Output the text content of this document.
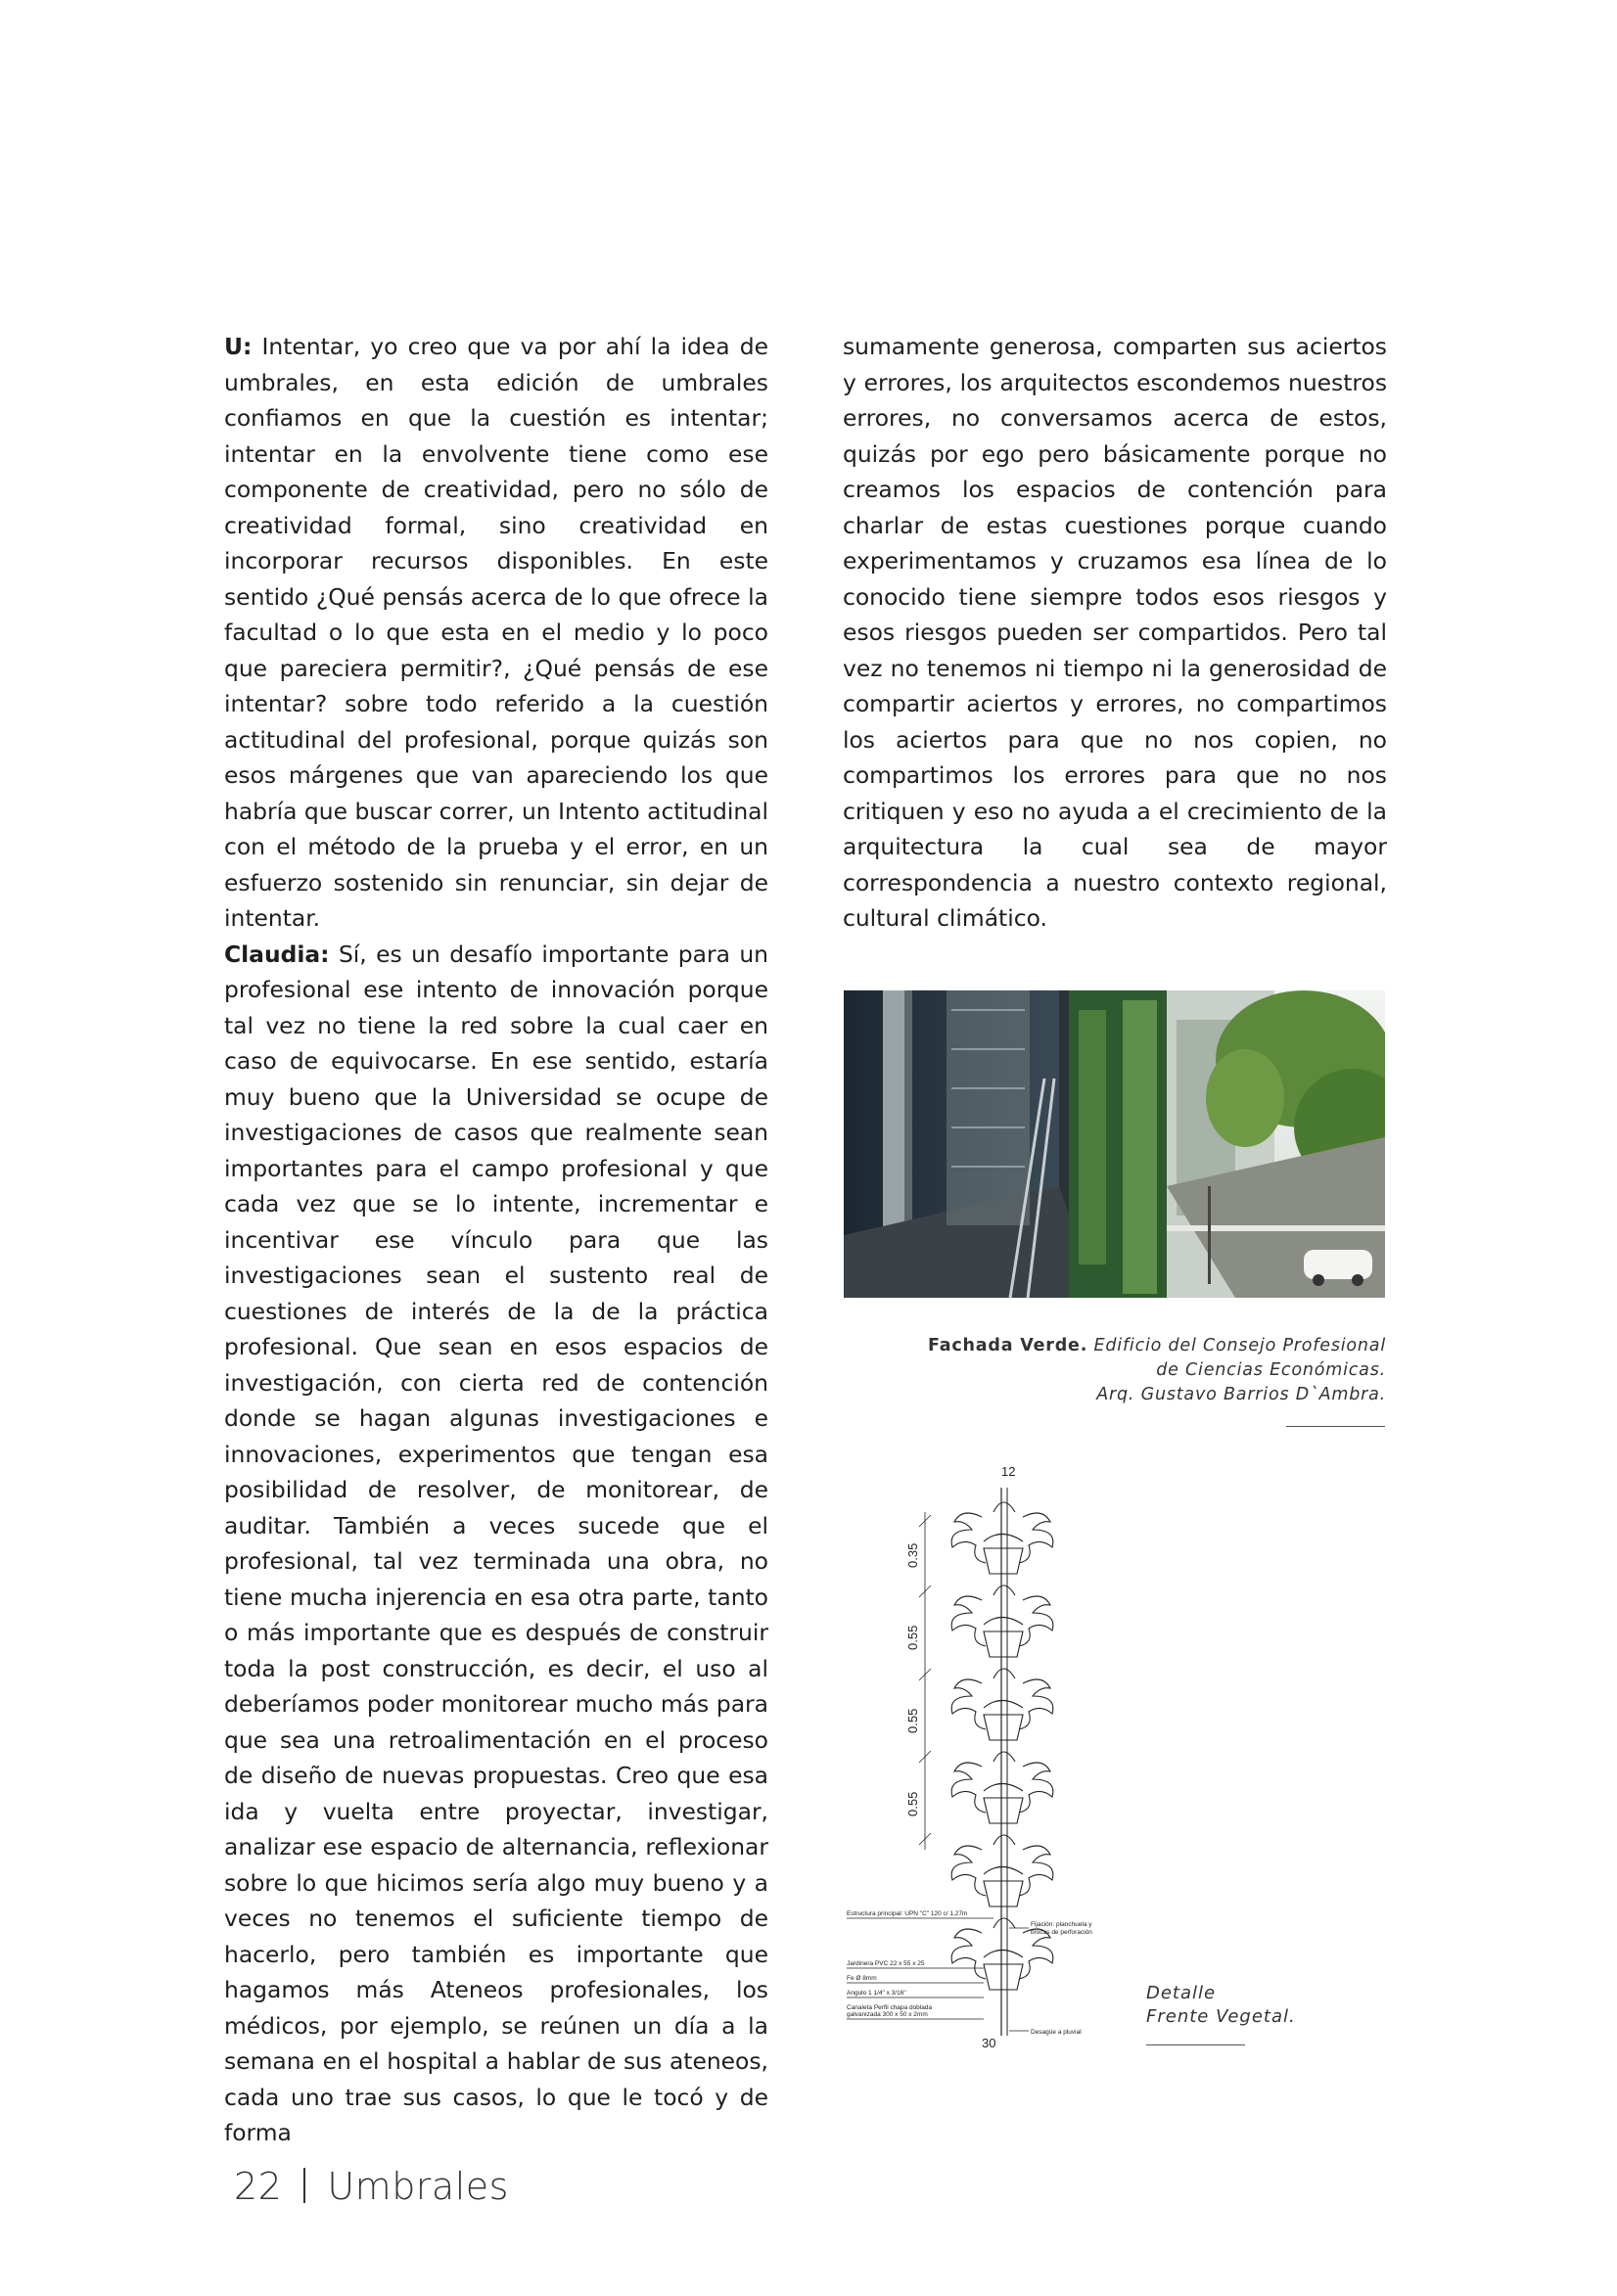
U: Intentar, yo creo que va por ahí la idea de umbrales, en esta edición de umbrales confiamos en que la cuestión es intentar; intentar en la envolvente tiene como ese componente de creatividad, pero no sólo de creatividad formal, sino creatividad en incorporar recursos disponibles. En este sentido ¿Qué pensás acerca de lo que ofrece la facultad o lo que esta en el medio y lo poco que pareciera permitir?, ¿Qué pensás de ese intentar? sobre todo referido a la cuestión actitudinal del profesional, porque quizás son esos márgenes que van apareciendo los que habría que buscar correr, un Intento actitudinal con el método de la prueba y el error, en un esfuerzo sostenido sin renunciar, sin dejar de intentar.

Claudia: Sí, es un desafío importante para un profesional ese intento de innovación porque tal vez no tiene la red sobre la cual caer en caso de equivocarse. En ese sentido, estaría muy bueno que la Universidad se ocupe de investigaciones de casos que realmente sean importantes para el campo profesional y que cada vez que se lo intente, incrementar e incentivar ese vínculo para que las investigaciones sean el sustento real de cuestiones de interés de la de la práctica profesional. Que sean en esos espacios de investigación, con cierta red de contención donde se hagan algunas investigaciones e innovaciones, experimentos que tengan esa posibilidad de resolver, de monitorear, de auditar. También a veces sucede que el profesional, tal vez terminada una obra, no tiene mucha injerencia en esa otra parte, tanto o más importante que es después de construir toda la post construcción, es decir, el uso al deberíamos poder monitorear mucho más para que sea una retroalimentación en el proceso de diseño de nuevas propuestas. Creo que esa ida y vuelta entre proyectar, investigar, analizar ese espacio de alternancia, reflexionar sobre lo que hicimos sería algo muy bueno y a veces no tenemos el suficiente tiempo de hacerlo, pero también es importante que hagamos más Ateneos profesionales, los médicos, por ejemplo, se reúnen un día a la semana en el hospital a hablar de sus ateneos, cada uno trae sus casos, lo que le tocó y de forma

sumamente generosa, comparten sus aciertos y errores, los arquitectos escondemos nuestros errores, no conversamos acerca de estos, quizás por ego pero básicamente porque no creamos los espacios de contención para charlar de estas cuestiones porque cuando experimentamos y cruzamos esa línea de lo conocido tiene siempre todos esos riesgos y esos riesgos pueden ser compartidos. Pero tal vez no tenemos ni tiempo ni la generosidad de compartir aciertos y errores, no compartimos los aciertos para que no nos copien, no compartimos los errores para que no nos critiquen y eso no ayuda a el crecimiento de la arquitectura la cual sea de mayor correspondencia a nuestro contexto regional, cultural climático.

Fachada Verde. Edificio del Consejo Profesional
de Ciencias Económicas.
Arq. Gustavo Barrios D`Ambra.
12
0.35
0.55
0.55
0.55
30
Fijación: planchuela y
brocas de perforación
Estructura principal: UPN "C" 120 c/ 1,27m
Jardinera PVC 22 x 55 x 25
Fe Ø 8mm
Angulo 1 1/4" x 3/16"
Canaleta Perfil chapa doblada
galvanizada 300 x 50 x 2mm
Desagüe a pluvial
Detalle
Frente Vegetal.
22 Umbrales
